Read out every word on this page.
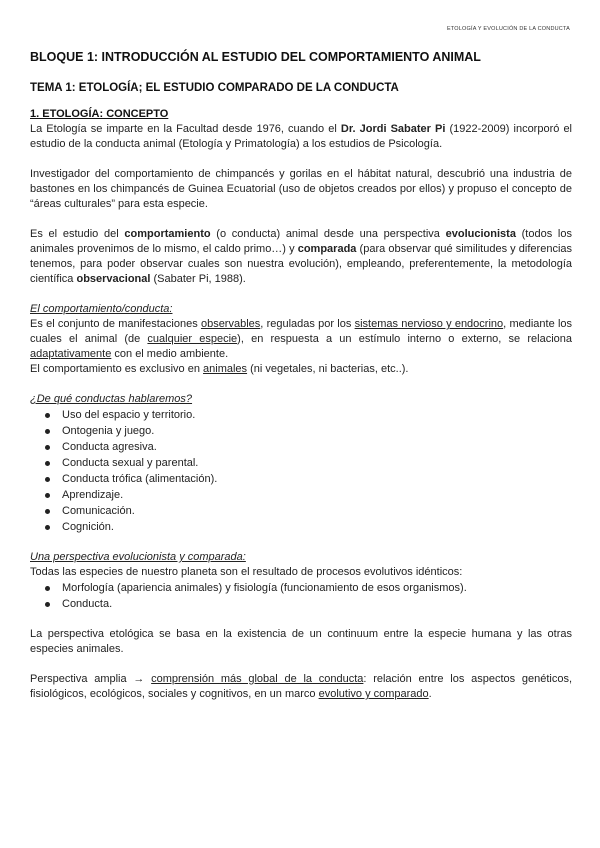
ETOLOGÍA Y EVOLUCIÓN DE LA CONDUCTA
BLOQUE 1: INTRODUCCIÓN AL ESTUDIO DEL COMPORTAMIENTO ANIMAL
TEMA 1: ETOLOGÍA; EL ESTUDIO COMPARADO DE LA CONDUCTA
1. ETOLOGÍA: CONCEPTO

La Etología se imparte en la Facultad desde 1976, cuando el Dr. Jordi Sabater Pi (1922-2009) incorporó el estudio de la conducta animal (Etología y Primatología) a los estudios de Psicología.

Investigador del comportamiento de chimpancés y gorilas en el hábitat natural, descubrió una industria de bastones en los chimpancés de Guinea Ecuatorial (uso de objetos creados por ellos) y propuso el concepto de “áreas culturales” para esta especie.

Es el estudio del comportamiento (o conducta) animal desde una perspectiva evolucionista (todos los animales provenimos de lo mismo, el caldo primo…) y comparada (para observar qué similitudes y diferencias tenemos, para poder observar cuales son nuestra evolución), empleando, preferentemente, la metodología científica observacional (Sabater Pi, 1988).

El comportamiento/conducta:

Es el conjunto de manifestaciones observables, reguladas por los sistemas nervioso y endocrino, mediante los cuales el animal (de cualquier especie), en respuesta a un estímulo interno o externo, se relaciona adaptativamente con el medio ambiente.

El comportamiento es exclusivo en animales (ni vegetales, ni bacterias, etc..).

¿De qué conductas hablaremos?

Uso del espacio y territorio.
Ontogenia y juego.
Conducta agresiva.
Conducta sexual y parental.
Conducta trófica (alimentación).
Aprendizaje.
Comunicación.
Cognición.

Una perspectiva evolucionista y comparada:

Todas las especies de nuestro planeta son el resultado de procesos evolutivos idénticos:

Morfología (apariencia animales) y fisiología (funcionamiento de esos organismos).
Conducta.

La perspectiva etológica se basa en la existencia de un continuum entre la especie humana y las otras especies animales.

Perspectiva amplia → comprensión más global de la conducta: relación entre los aspectos genéticos, fisiológicos, ecológicos, sociales y cognitivos, en un marco evolutivo y comparado.
